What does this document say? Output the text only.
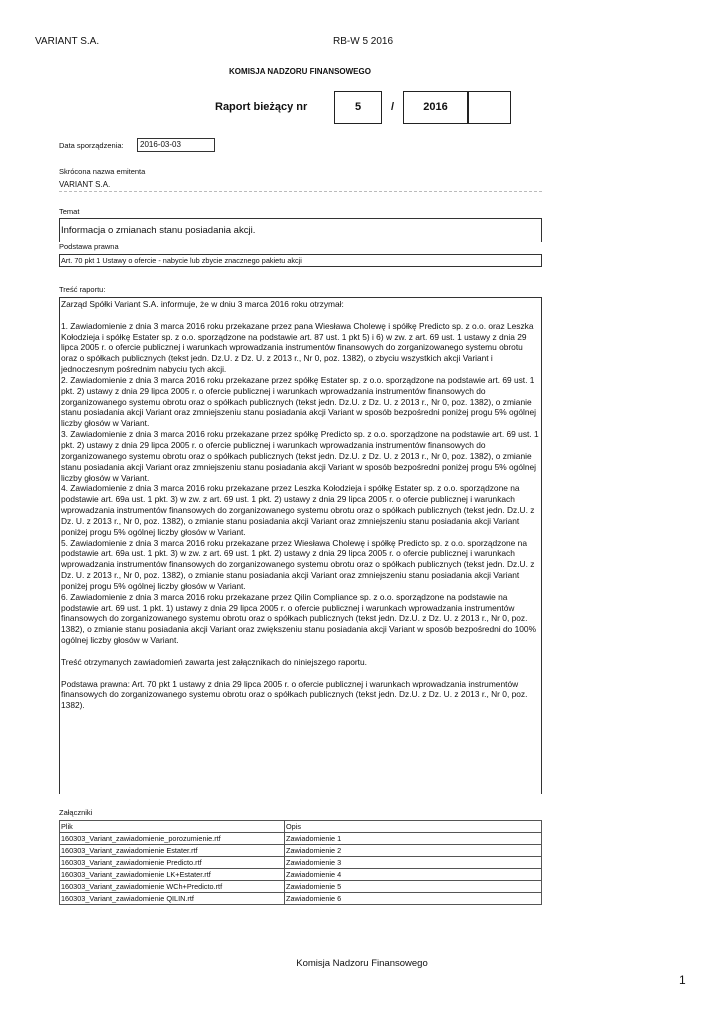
VARIANT S.A.	RB-W 5 2016
KOMISJA NADZORU FINANSOWEGO
Raport bieżący nr	5	/	2016
Data sporządzenia: 2016-03-03
Skrócona nazwa emitenta
VARIANT S.A.
Temat
Informacja o zmianach stanu posiadania akcji.
Podstawa prawna
Art. 70 pkt 1 Ustawy o ofercie - nabycie lub zbycie znacznego pakietu akcji
Treść raportu:

Zarząd Spółki Variant S.A. informuje, że w dniu 3 marca 2016 roku otrzymał:

1. Zawiadomienie z dnia 3 marca 2016 roku przekazane przez pana Wiesława Cholewę i spółkę Predicto sp. z o.o. oraz Leszka Kołodzieja i spółkę Estater sp. z o.o. sporządzone na podstawie art. 87 ust. 1 pkt 5) i 6) w zw. z art. 69 ust. 1 ustawy z dnia 29 lipca 2005 r. o ofercie publicznej i warunkach wprowadzania instrumentów finansowych do zorganizowanego systemu obrotu oraz o spółkach publicznych (tekst jedn. Dz.U. z Dz. U. z 2013 r., Nr 0, poz. 1382), o zbyciu wszystkich akcji Variant i jednoczesnym pośrednim nabyciu tych akcji.

2. Zawiadomienie z dnia 3 marca 2016 roku przekazane przez spółkę Estater sp. z o.o. sporządzone na podstawie art. 69 ust. 1 pkt. 2) ustawy z dnia 29 lipca 2005 r. o ofercie publicznej i warunkach wprowadzania instrumentów finansowych do zorganizowanego systemu obrotu oraz o spółkach publicznych (tekst jedn. Dz.U. z Dz. U. z 2013 r., Nr 0, poz. 1382), o zmianie stanu posiadania akcji Variant oraz zmniejszeniu stanu posiadania akcji Variant w sposób bezpośredni poniżej progu 5% ogólnej liczby głosów w Variant.

3. Zawiadomienie z dnia 3 marca 2016 roku przekazane przez spółkę Predicto sp. z o.o. sporządzone na podstawie art. 69 ust. 1 pkt. 2) ustawy z dnia 29 lipca 2005 r. o ofercie publicznej i warunkach wprowadzania instrumentów finansowych do zorganizowanego systemu obrotu oraz o spółkach publicznych (tekst jedn. Dz.U. z Dz. U. z 2013 r., Nr 0, poz. 1382), o zmianie stanu posiadania akcji Variant oraz zmniejszeniu stanu posiadania akcji Variant w sposób bezpośredni poniżej progu 5% ogólnej liczby głosów w Variant.

4. Zawiadomienie z dnia 3 marca 2016 roku przekazane przez Leszka Kołodzieja i spółkę Estater sp. z o.o. sporządzone na podstawie art. 69a ust. 1 pkt. 3) w zw. z art. 69 ust. 1 pkt. 2) ustawy z dnia 29 lipca 2005 r. o ofercie publicznej i warunkach wprowadzania instrumentów finansowych do zorganizowanego systemu obrotu oraz o spółkach publicznych (tekst jedn. Dz.U. z Dz. U. z 2013 r., Nr 0, poz. 1382), o zmianie stanu posiadania akcji Variant oraz zmniejszeniu stanu posiadania akcji Variant poniżej progu 5% ogólnej liczby głosów w Variant.

5. Zawiadomienie z dnia 3 marca 2016 roku przekazane przez Wiesława Cholewę i spółkę Predicto sp. z o.o. sporządzone na podstawie art. 69a ust. 1 pkt. 3) w zw. z art. 69 ust. 1 pkt. 2) ustawy z dnia 29 lipca 2005 r. o ofercie publicznej i warunkach wprowadzania instrumentów finansowych do zorganizowanego systemu obrotu oraz o spółkach publicznych (tekst jedn. Dz.U. z Dz. U. z 2013 r., Nr 0, poz. 1382), o zmianie stanu posiadania akcji Variant oraz zmniejszeniu stanu posiadania akcji Variant poniżej progu 5% ogólnej liczby głosów w Variant.

6. Zawiadomienie z dnia 3 marca 2016 roku przekazane przez Qilin Compliance sp. z o.o. sporządzone na podstawie na podstawie art. 69 ust. 1 pkt. 1) ustawy z dnia 29 lipca 2005 r. o ofercie publicznej i warunkach wprowadzania instrumentów finansowych do zorganizowanego systemu obrotu oraz o spółkach publicznych (tekst jedn. Dz.U. z Dz. U. z 2013 r., Nr 0, poz. 1382), o zmianie stanu posiadania akcji Variant oraz zwiększeniu stanu posiadania akcji Variant w sposób bezpośredni do 100% ogólnej liczby głosów w Variant.

Treść otrzymanych zawiadomień zawarta jest załącznikach do niniejszego raportu.

Podstawa prawna: Art. 70 pkt 1 ustawy z dnia 29 lipca 2005 r. o ofercie publicznej i warunkach wprowadzania instrumentów finansowych do zorganizowanego systemu obrotu oraz o spółkach publicznych (tekst jedn. Dz.U. z Dz. U. z 2013 r., Nr 0, poz. 1382).

Załączniki
Plik	Opis
160303_Variant_zawiadomienie_porozumienie.rtf	Zawiadomienie 1
160303_Variant_zawiadomienie Estater.rtf	Zawiadomienie 2
160303_Variant_zawiadomienie Predicto.rtf	Zawiadomienie 3
160303_Variant_zawiadomienie LK+Estater.rtf	Zawiadomienie 4
160303_Variant_zawiadomienie WCh+Predicto.rtf	Zawiadomienie 5
160303_Variant_zawiadomienie QILIN.rtf	Zawiadomienie 6
Komisja Nadzoru Finansowego
1
